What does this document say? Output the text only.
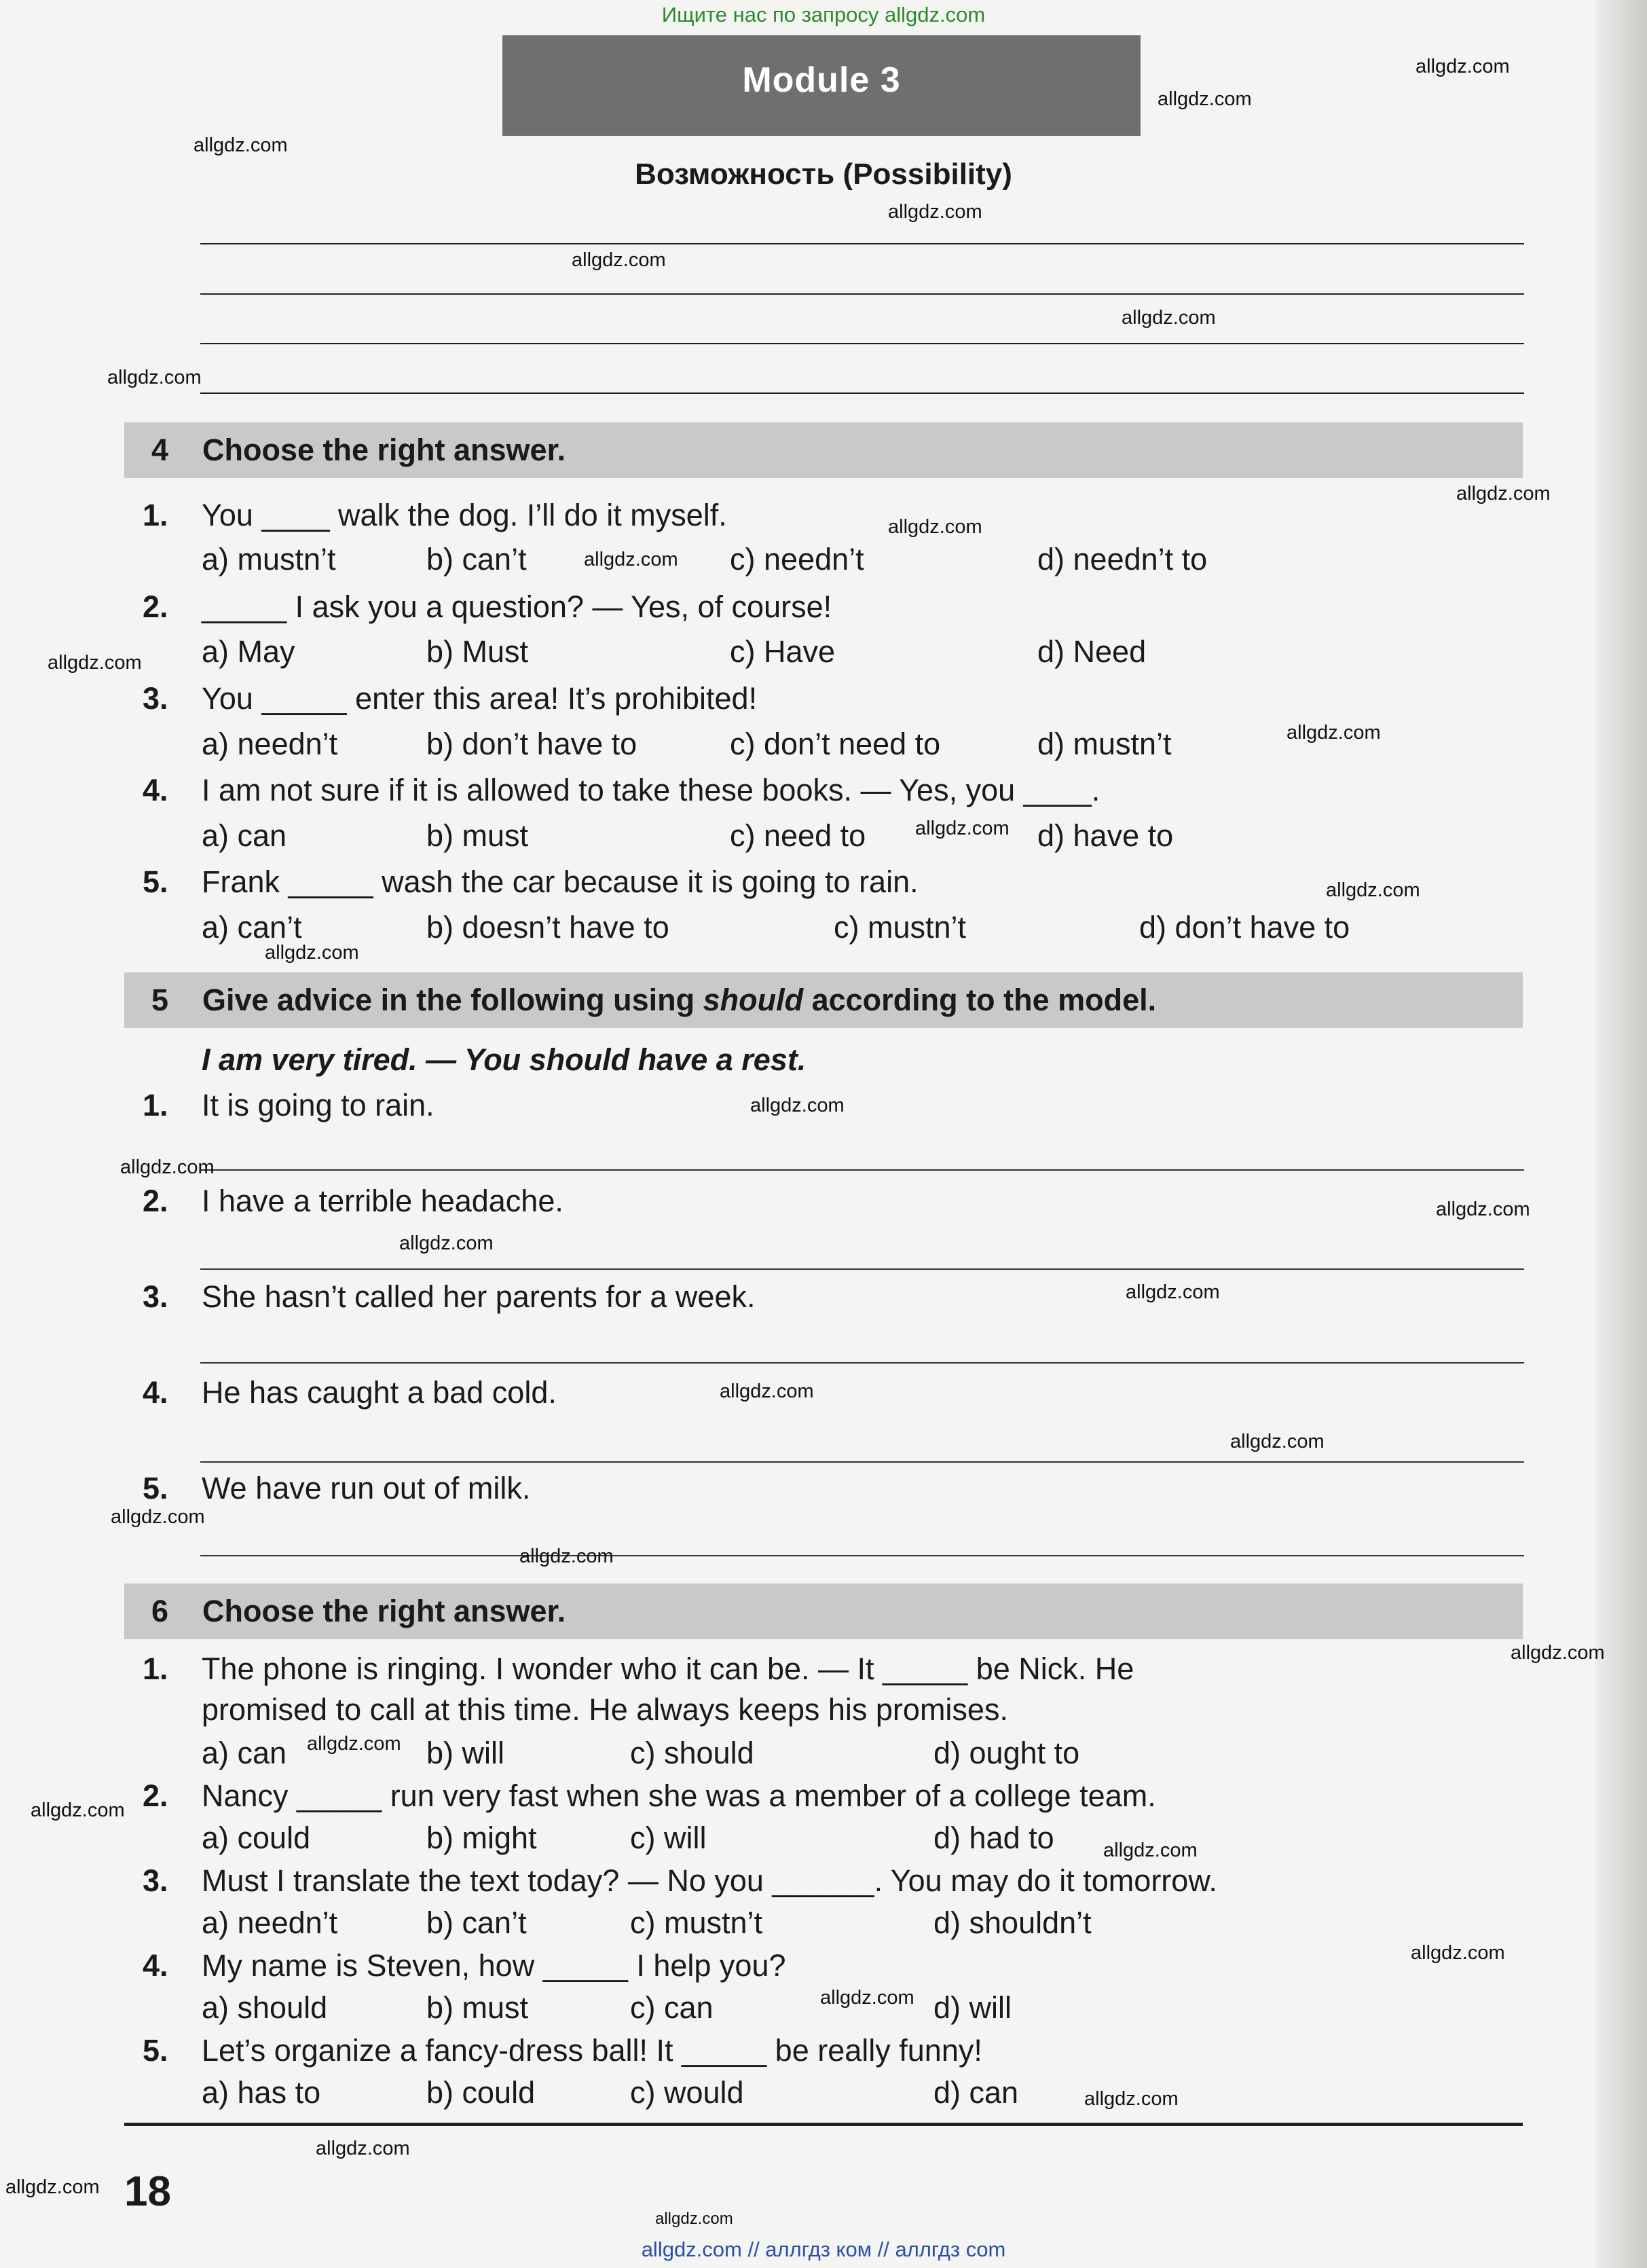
Ищите нас по запросу allgdz.com
Module 3
Возможность (Possibility)
4 Choose the right answer.
1. You ____ walk the dog. I’ll do it myself.
a) mustn’t	b) can’t	c) needn’t	d) needn’t to
2. _____ I ask you a question? — Yes, of course!
a) May	b) Must	c) Have	d) Need
3. You _____ enter this area! It’s prohibited!
a) needn’t	b) don’t have to	c) don’t need to	d) mustn’t
4. I am not sure if it is allowed to take these books. — Yes, you ____.
a) can	b) must	c) need to	d) have to
5. Frank _____ wash the car because it is going to rain.
a) can’t	b) doesn’t have to	c) mustn’t	d) don’t have to
5 Give advice in the following using should according to the model.
I am very tired. — You should have a rest.
1. It is going to rain.
2. I have a terrible headache.
3. She hasn’t called her parents for a week.
4. He has caught a bad cold.
5. We have run out of milk.
6 Choose the right answer.
1. The phone is ringing. I wonder who it can be. — It _____ be Nick. He
promised to call at this time. He always keeps his promises.
a) can	b) will	c) should	d) ought to
2. Nancy _____ run very fast when she was a member of a college team.
a) could	b) might	c) will	d) had to
3. Must I translate the text today? — No you ______. You may do it tomorrow.
a) needn’t	b) can’t	c) mustn’t	d) shouldn’t
4. My name is Steven, how _____ I help you?
a) should	b) must	c) can	d) will
5. Let’s organize a fancy-dress ball! It _____ be really funny!
a) has to	b) could	c) would	d) can
18
allgdz.com
allgdz.com
allgdz.com
allgdz.com
allgdz.com
allgdz.com
allgdz.com
allgdz.com
allgdz.com
allgdz.com
allgdz.com
allgdz.com
allgdz.com
allgdz.com
allgdz.com
allgdz.com
allgdz.com
allgdz.com
allgdz.com
allgdz.com
allgdz.com
allgdz.com
allgdz.com
allgdz.com
allgdz.com
allgdz.com
allgdz.com
allgdz.com
allgdz.com
allgdz.com
allgdz.com
allgdz.com
allgdz.com
allgdz.com
allgdz.com // аллгдз ком // аллгдз com
